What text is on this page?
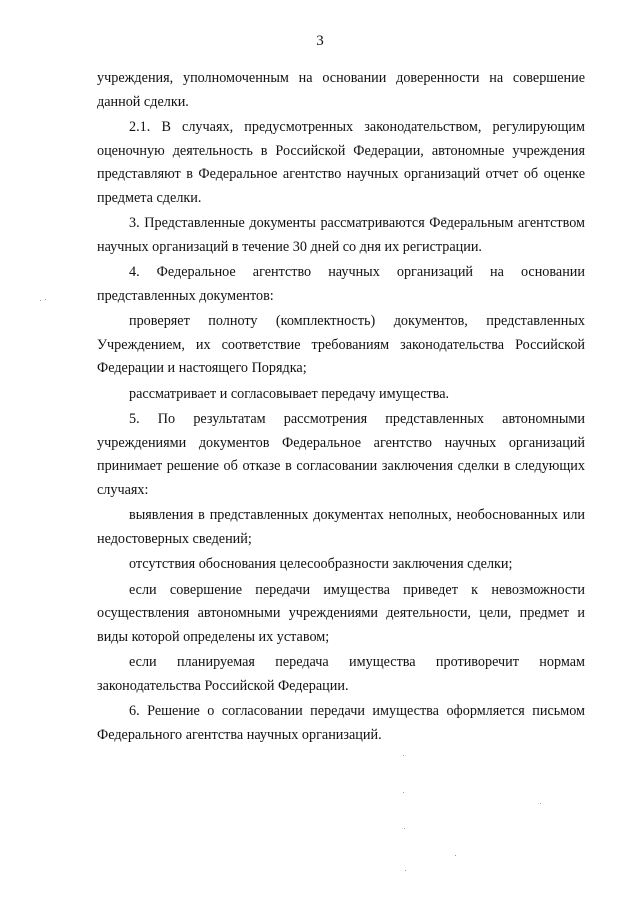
3

учреждения, уполномоченным на основании доверенности на совершение данной сделки.

2.1. В случаях, предусмотренных законодательством, регулирующим оценочную деятельность в Российской Федерации, автономные учреждения представляют в Федеральное агентство научных организаций отчет об оценке предмета сделки.

3. Представленные документы рассматриваются Федеральным агентством научных организаций в течение 30 дней со дня их регистрации.

4. Федеральное агентство научных организаций на основании представленных документов:

проверяет полноту (комплектность) документов, представленных Учреждением, их соответствие требованиям законодательства Российской Федерации и настоящего Порядка;

рассматривает и согласовывает передачу имущества.

5. По результатам рассмотрения представленных автономными учреждениями документов Федеральное агентство научных организаций принимает решение об отказе в согласовании заключения сделки в следующих случаях:

выявления в представленных документах неполных, необоснованных или недостоверных сведений;

отсутствия обоснования целесообразности заключения сделки;

если совершение передачи имущества приведет к невозможности осуществления автономными учреждениями деятельности, цели, предмет и виды которой определены их уставом;

если планируемая передача имущества противоречит нормам законодательства Российской Федерации.

6. Решение о согласовании передачи имущества оформляется письмом Федерального агентства научных организаций.
